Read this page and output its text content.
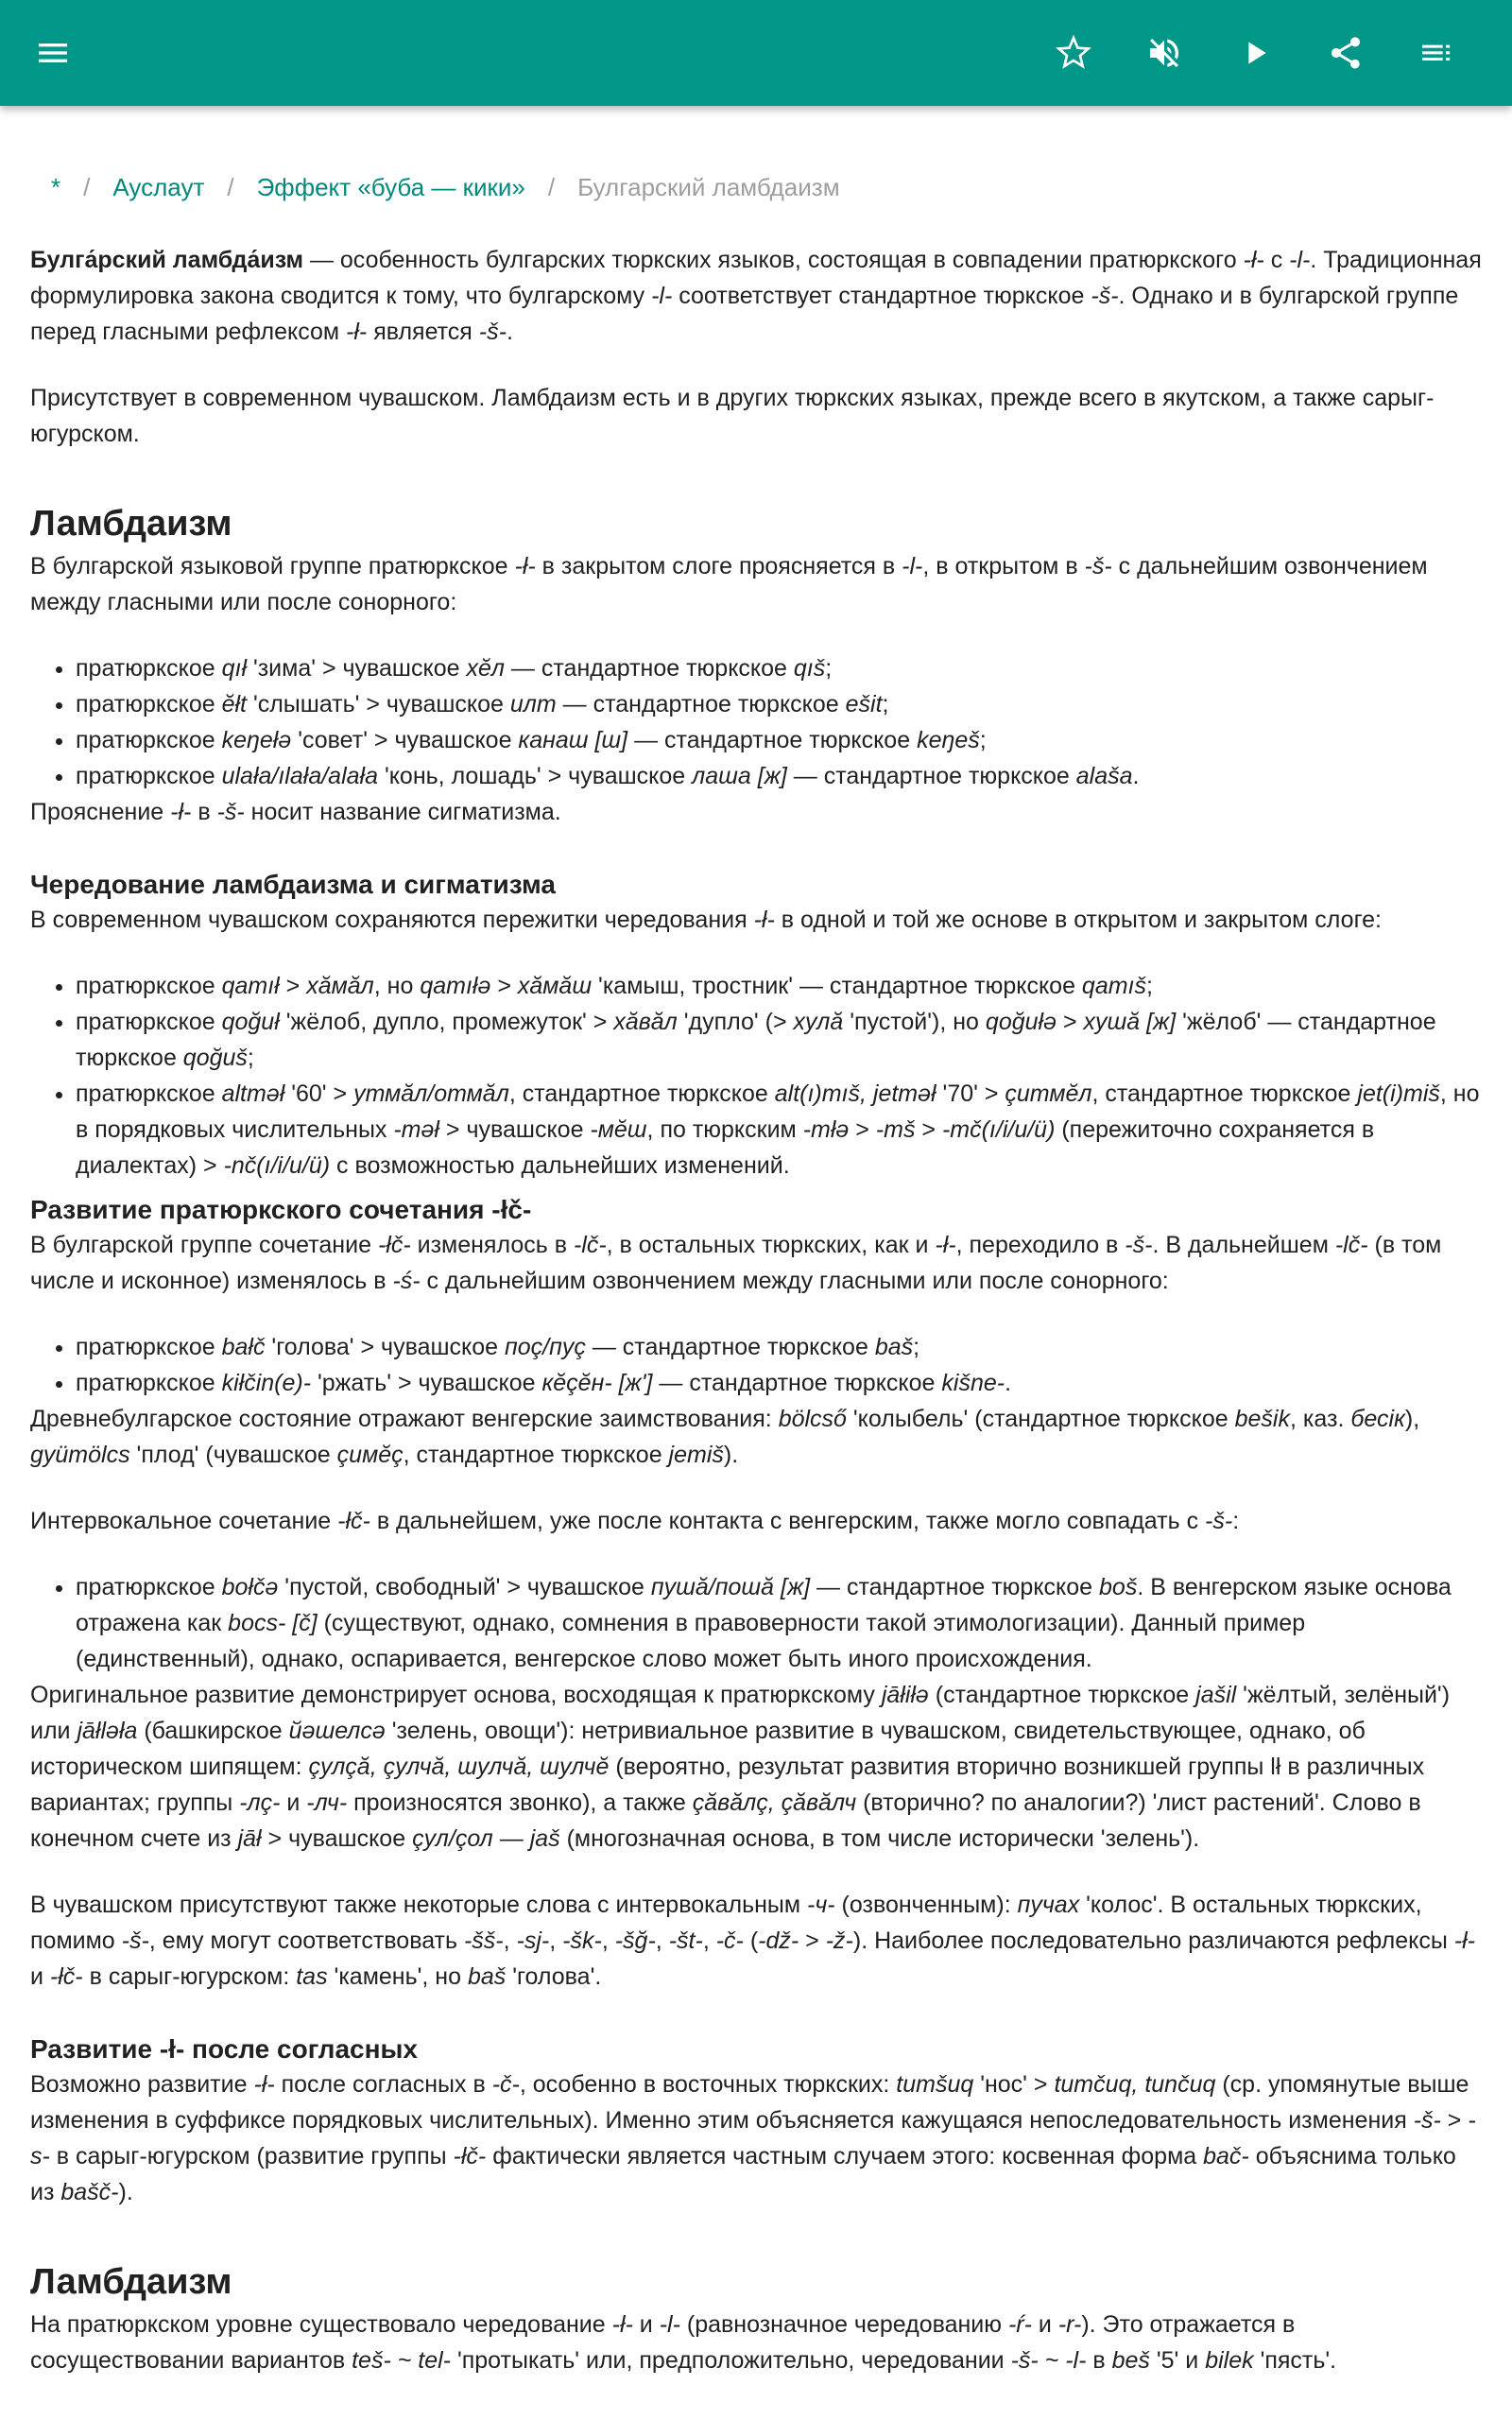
* / Ауслаут / Эффект «буба — кики» / Булгарский ламбдаизм

Булга́рский ламбда́изм — особенность булгарских тюркских языков, состоящая в совпадении пратюркского -ł- с -l-. Традиционная формулировка закона сводится к тому, что булгарскому -l- соответствует стандартное тюркское -š-. Однако и в булгарской группе перед гласными рефлексом -ł- является -š-.

Присутствует в современном чувашском. Ламбдаизм есть и в других тюркских языках, прежде всего в якутском, а также сарыг-югурском.

Ламбдаизм

В булгарской языковой группе пратюркское -ł- в закрытом слоге проясняется в -l-, в открытом в -š- с дальнейшим озвончением между гласными или после сонорного:

• пратюркское qıł 'зима' > чувашское хĕл — стандартное тюркское qıš;
• пратюркское ĕłt 'слышать' > чувашское илт — стандартное тюркское ešit;
• пратюркское keŋełə 'совет' > чувашское канаш [ш] — стандартное тюркское keŋeš;
• пратюркское ulała/ılała/alała 'конь, лошадь' > чувашское лаша [ж] — стандартное тюркское alaša.

Прояснение -ł- в -š- носит название сигматизма.

Чередование ламбдаизма и сигматизма

В современном чувашском сохраняются пережитки чередования -ł- в одной и той же основе в открытом и закрытом слоге:

• пратюркское qamıł > хăмăл, но qamıłə > хăмăш 'камыш, тростник' — стандартное тюркское qamıš;
• пратюркское qoğuł 'жёлоб, дупло, промежуток' > хăвăл 'дупло' (> хулă 'пустой'), но qoğułə > хушă [ж] 'жёлоб' — стандартное тюркское qoğuš;
• пратюркское altməł '60' > утмăл/отмăл, стандартное тюркское alt(ı)mıš, jetməł '70' > çитмĕл, стандартное тюркское jet(i)miš, но в порядковых числительных -məł > чувашское -мĕш, по тюркским -młə > -mš > -mč(ı/i/u/ü) (пережиточно сохраняется в диалектах) > -nč(ı/i/u/ü) с возможностью дальнейших изменений.
Развитие пратюркского сочетания -łč-

В булгарской группе сочетание -łč- изменялось в -lč-, в остальных тюркских, как и -ł-, переходило в -š-. В дальнейшем -lč- (в том числе и исконное) изменялось в -ś- с дальнейшим озвончением между гласными или после сонорного:

• пратюркское bałč 'голова' > чувашское поç/пуç — стандартное тюркское baš;
• пратюркское kiłčin(e)- 'ржать' > чувашское кĕçĕн- [ж'] — стандартное тюркское kišne-.

Древнебулгарское состояние отражают венгерские заимствования: bölcső 'колыбель' (стандартное тюркское bešik, каз. бесік), gyümölcs 'плод' (чувашское çимĕç, стандартное тюркское jemiš).

Интервокальное сочетание -łč- в дальнейшем, уже после контакта с венгерским, также могло совпадать с -š-:

• пратюркское bołčə 'пустой, свободный' > чувашское пушă/пошă [ж] — стандартное тюркское boš. В венгерском языке основа отражена как bocs- [č] (существуют, однако, сомнения в правоверности такой этимологизации). Данный пример (единственный), однако, оспаривается, венгерское слово может быть иного происхождения.

Оригинальное развитие демонстрирует основа, восходящая к пратюркскому jāłiłə (стандартное тюркское jašil 'жёлтый, зелёный') или jāłləła (башкирское йәшелсә 'зелень, овощи'): нетривиальное развитие в чувашском, свидетельствующее, однако, об историческом шипящем: çулçă, çулчă, шулчă, шулчĕ (вероятно, результат развития вторично возникшей группы lł в различных вариантах; группы -лç- и -лч- произносятся звонко), а также çăвăлç, çăвăлч (вторично? по аналогии?) 'лист растений'. Слово в конечном счете из jāł > чувашское çул/çол — jaš (многозначная основа, в том числе исторически 'зелень').

В чувашском присутствуют также некоторые слова с интервокальным -ч- (озвонченным): пучах 'колос'. В остальных тюркских, помимо -š-, ему могут соответствовать -šš-, -sj-, -šk-, -šğ-, -št-, -č- (-dž- > -ž-). Наиболее последовательно различаются рефлексы -ł- и -łč- в сарыг-югурском: tas 'камень', но baš 'голова'.

Развитие -ł- после согласных

Возможно развитие -ł- после согласных в -č-, особенно в восточных тюркских: tumšuq 'нос' > tumčuq, tunčuq (ср. упомянутые выше изменения в суффиксе порядковых числительных). Именно этим объясняется кажущаяся непоследовательность изменения -š- > -s- в сарыг-югурском (развитие группы -łč- фактически является частным случаем этого: косвенная форма bač- объяснима только из bašč-).

Ламбдаизм

На пратюркском уровне существовало чередование -ł- и -l- (равнозначное чередованию -ŕ- и -r-). Это отражается в сосуществовании вариантов teš- ~ tel- 'протыкать' или, предположительно, чередовании -š- ~ -l- в beš '5' и bilek 'пясть'.
